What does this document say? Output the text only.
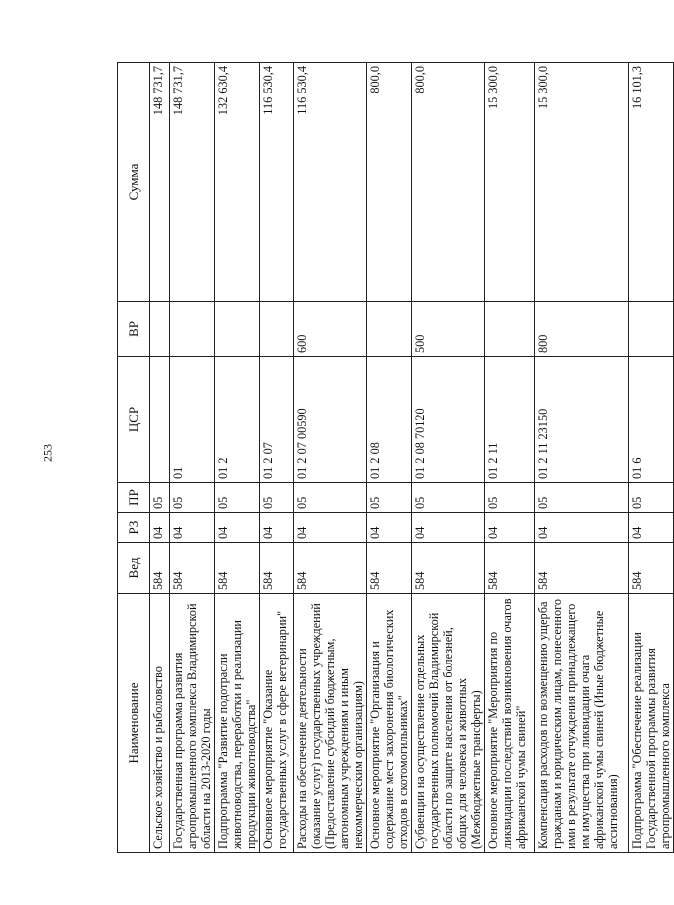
253
Наименование	Вед	РЗ	ПР	ЦСР	ВР	Сумма
Сельское хозяйство и рыболовство	584	04	05			148 731,7
Государственная программа развития агропромышленного комплекса Владимирской области на 2013-2020 годы	584	04	05	01		148 731,7
Подпрограмма "Развитие подотрасли животноводства, переработки и реализации продукции животноводства"	584	04	05	01 2		132 630,4
Основное мероприятие "Оказание государственных услуг в сфере ветеринарии"	584	04	05	01 2 07		116 530,4
Расходы на обеспечение деятельности (оказание услуг) государственных учреждений (Предоставление субсидий бюджетным, автономным учреждениям и иным некоммерческим организациям)	584	04	05	01 2 07 00590	600	116 530,4
Основное мероприятие "Организация и содержание мест захоронения биологических отходов в скотомогильниках"	584	04	05	01 2 08		800,0
Субвенции на осуществление отдельных государственных полномочий Владимирской области по защите населения от болезней, общих для человека и животных (Межбюджетные трансферты)	584	04	05	01 2 08 70120	500	800,0
Основное мероприятие "Мероприятия по ликвидации последствий возникновения очагов африканской чумы свиней"	584	04	05	01 2 11		15 300,0
Компенсация расходов по возмещению ущерба гражданам и юридическим лицам, понесенного ими в результате отчуждения принадлежащего им имущества при ликвидации очага африканской чумы свиней (Иные бюджетные ассигнования)	584	04	05	01 2 11 23150	800	15 300,0
Подпрограмма "Обеспечение реализации Государственной программы развития агропромышленного комплекса	584	04	05	01 6		16 101,3
